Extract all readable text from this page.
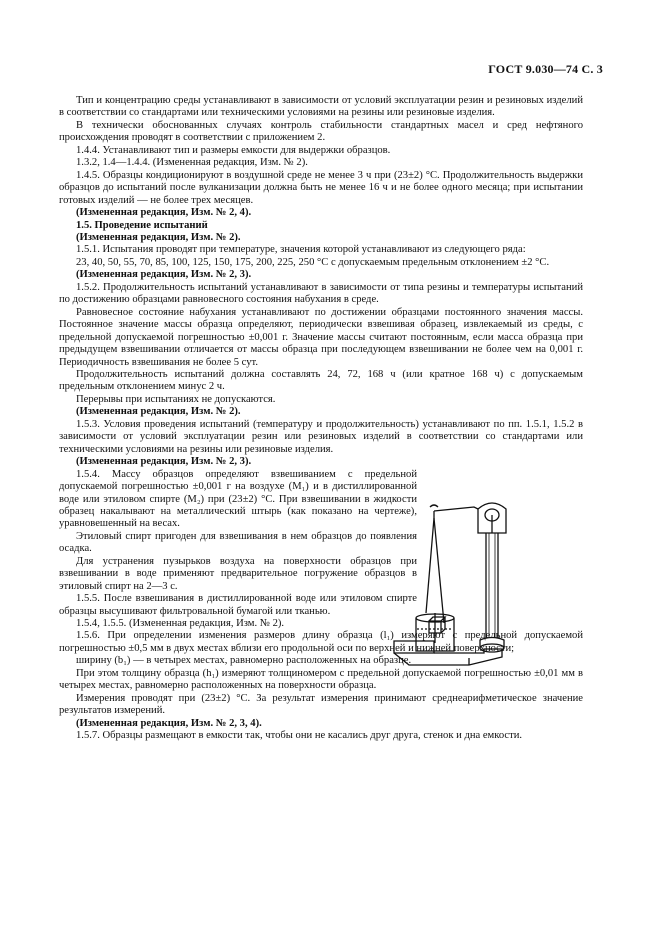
ГОСТ 9.030—74 С. 3

Тип и концентрацию среды устанавливают в зависимости от условий эксплуатации резин и резиновых изделий в соответствии со стандартами или техническими условиями на резины или резиновые изделия.

В технически обоснованных случаях контроль стабильности стандартных масел и сред нефтяного происхождения проводят в соответствии с приложением 2.

1.4.4. Устанавливают тип и размеры емкости для выдержки образцов.

1.3.2, 1.4—1.4.4. (Измененная редакция, Изм. № 2).

1.4.5. Образцы кондиционируют в воздушной среде не менее 3 ч при (23±2) °С. Продолжительность выдержки образцов до испытаний после вулканизации должна быть не менее 16 ч и не более одного месяца; при испытании готовых изделий — не более трех месяцев.

(Измененная редакция, Изм. № 2, 4).

1.5. Проведение испытаний

(Измененная редакция, Изм. № 2).

1.5.1. Испытания проводят при температуре, значения которой устанавливают из следующего ряда:

23, 40, 50, 55, 70, 85, 100, 125, 150, 175, 200, 225, 250 °С с допускаемым предельным отклонением ±2 °С.

(Измененная редакция, Изм. № 2, 3).

1.5.2. Продолжительность испытаний устанавливают в зависимости от типа резины и температуры испытаний по достижению образцами равновесного состояния набухания в среде.

Равновесное состояние набухания устанавливают по достижении образцами постоянного значения массы. Постоянное значение массы образца определяют, периодически взвешивая образец, извлекаемый из среды, с предельной допускаемой погрешностью ±0,001 г. Значение массы считают постоянным, если масса образца при предыдущем взвешивании отличается от массы образца при последующем взвешивании не более чем на 0,001 г. Периодичность взвешивания не более 5 сут.

Продолжительность испытаний должна составлять 24, 72, 168 ч (или кратное 168 ч) с допускаемым предельным отклонением минус 2 ч.

Перерывы при испытаниях не допускаются.

(Измененная редакция, Изм. № 2).

1.5.3. Условия проведения испытаний (температуру и продолжительность) устанавливают по пп. 1.5.1, 1.5.2 в зависимости от условий эксплуатации резин или резиновых изделий в соответствии со стандартами или техническими условиями на резины или резиновые изделия.

(Измененная редакция, Изм. № 2, 3).

1.5.4. Массу образцов определяют взвешиванием с предельной допускаемой погрешностью ±0,001 г на воздухе (M₁) и в дистиллированной воде или этиловом спирте (M₂) при (23±2) °С. При взвешивании в жидкости образец накалывают на металлический штырь (как показано на чертеже), уравновешенный на весах.

Этиловый спирт пригоден для взвешивания в нем образцов до появления осадка.

Для устранения пузырьков воздуха на поверхности образцов при взвешивании в воде применяют предварительное погружение образцов в этиловый спирт на 2—3 с.

1.5.5. После взвешивания в дистиллированной воде или этиловом спирте образцы высушивают фильтровальной бумагой или тканью.

1.5.4, 1.5.5. (Измененная редакция, Изм. № 2).

1.5.6. При определении изменения размеров длину образца (l₁) измеряют с предельной допускаемой погрешностью ±0,5 мм в двух местах вблизи его продольной оси по верхней и нижней поверхности;

ширину (b₁) — в четырех местах, равномерно расположенных на образце.

При этом толщину образца (h₁) измеряют толщиномером с предельной допускаемой погрешностью ±0,01 мм в четырех местах, равномерно расположенных на поверхности образца.

Измерения проводят при (23±2) °С. За результат измерения принимают среднеарифметическое значение результатов измерений.

(Измененная редакция, Изм. № 2, 3, 4).

1.5.7. Образцы размещают в емкости так, чтобы они не касались друг друга, стенок и дна емкости.
